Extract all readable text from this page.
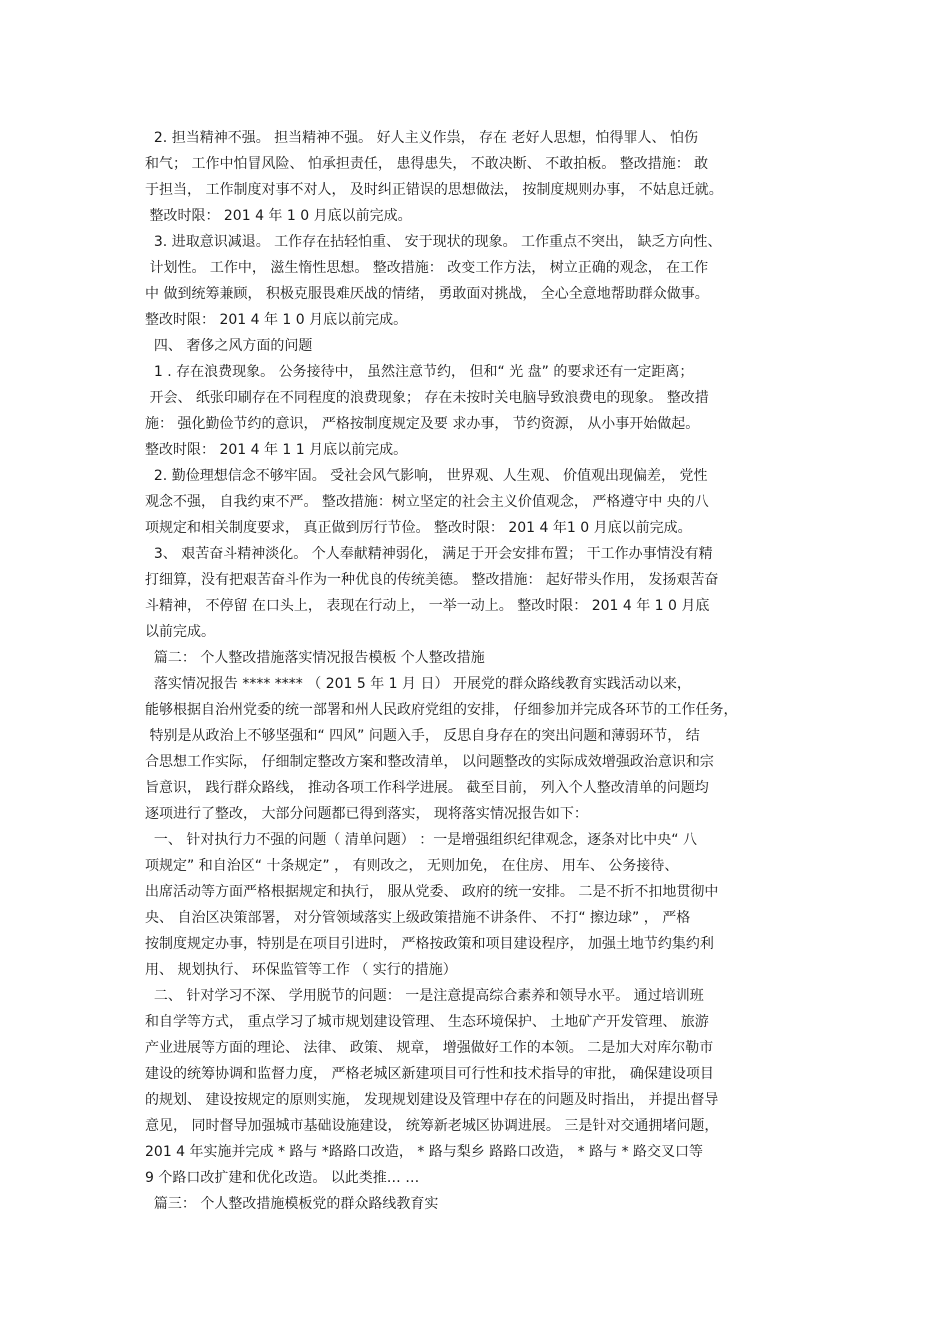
2. 担当精神不强。 担当精神不强。 好人主义作祟， 存在 老好人思想，怕得罪人、 怕伤
和气； 工作中怕冒风险、 怕承担责任， 患得患失， 不敢决断、 不敢拍板。 整改措施： 敢
于担当， 工作制度对事不对人， 及时纠正错误的思想做法， 按制度规则办事， 不姑息迁就。
整改时限： 201 4 年 1 0 月底以前完成。
3. 进取意识减退。 工作存在拈轻怕重、 安于现状的现象。 工作重点不突出， 缺乏方向性、
计划性。 工作中， 滋生惰性思想。 整改措施： 改变工作方法， 树立正确的观念， 在工作
中 做到统筹兼顾， 积极克服畏难厌战的情绪， 勇敢面对挑战， 全心全意地帮助群众做事。
整改时限： 201 4 年 1 0 月底以前完成。
四、 奢侈之风方面的问题
1 . 存在浪费现象。 公务接待中， 虽然注意节约， 但和“ 光 盘” 的要求还有一定距离；
开会、 纸张印刷存在不同程度的浪费现象； 存在未按时关电脑导致浪费电的现象。 整改措
施： 强化勤俭节约的意识， 严格按制度规定及要 求办事， 节约资源， 从小事开始做起。
整改时限： 201 4 年 1 1 月底以前完成。
2. 勤俭理想信念不够牢固。 受社会风气影响， 世界观、人生观、 价值观出现偏差， 党性
观念不强， 自我约束不严。 整改措施：树立坚定的社会主义价值观念， 严格遵守中 央的八
项规定和相关制度要求， 真正做到厉行节俭。 整改时限： 201 4 年1 0 月底以前完成。
3、 艰苦奋斗精神淡化。 个人奉献精神弱化， 满足于开会安排布置； 干工作办事情没有精
打细算，没有把艰苦奋斗作为一种优良的传统美德。 整改措施： 起好带头作用， 发扬艰苦奋
斗精神， 不停留 在口头上， 表现在行动上， 一举一动上。 整改时限： 201 4 年 1 0 月底
以前完成。
篇二： 个人整改措施落实情况报告模板 个人整改措施
落实情况报告 **** **** （ 201 5 年 1 月 日） 开展党的群众路线教育实践活动以来，
能够根据自治州党委的统一部署和州人民政府党组的安排， 仔细参加并完成各环节的工作任务，
特别是从政治上不够坚强和“ 四风” 问题入手， 反思自身存在的突出问题和薄弱环节， 结
合思想工作实际， 仔细制定整改方案和整改清单， 以问题整改的实际成效增强政治意识和宗
旨意识， 践行群众路线， 推动各项工作科学进展。 截至目前， 列入个人整改清单的问题均
逐项进行了整改， 大部分问题都已得到落实， 现将落实情况报告如下：
一、 针对执行力不强的问题（ 清单问题） ：一是增强组织纪律观念，逐条对比中央“ 八
项规定” 和自治区“ 十条规定” ， 有则改之， 无则加免， 在住房、 用车、 公务接待、
出席活动等方面严格根据规定和执行， 服从党委、 政府的统一安排。 二是不折不扣地贯彻中
央、 自治区决策部署， 对分管领域落实上级政策措施不讲条件、 不打“ 擦边球” ， 严格
按制度规定办事，特别是在项目引进时， 严格按政策和项目建设程序， 加强土地节约集约利
用、 规划执行、 环保监管等工作 （ 实行的措施）
二、 针对学习不深、 学用脱节的问题： 一是注意提高综合素养和领导水平。 通过培训班
和自学等方式， 重点学习了城市规划建设管理、 生态环境保护、 土地矿产开发管理、 旅游
产业进展等方面的理论、 法律、 政策、 规章， 增强做好工作的本领。 二是加大对库尔勒市
建设的统筹协调和监督力度， 严格老城区新建项目可行性和技术指导的审批， 确保建设项目
的规划、 建设按规定的原则实施， 发现规划建设及管理中存在的问题及时指出， 并提出督导
意见， 同时督导加强城市基础设施建设， 统筹新老城区协调进展。 三是针对交通拥堵问题，
201 4 年实施并完成 * 路与 *路路口改造， * 路与梨乡 路路口改造， * 路与 * 路交叉口等
9 个路口改扩建和优化改造。 以此类推… …
篇三： 个人整改措施模板党的群众路线教育实
